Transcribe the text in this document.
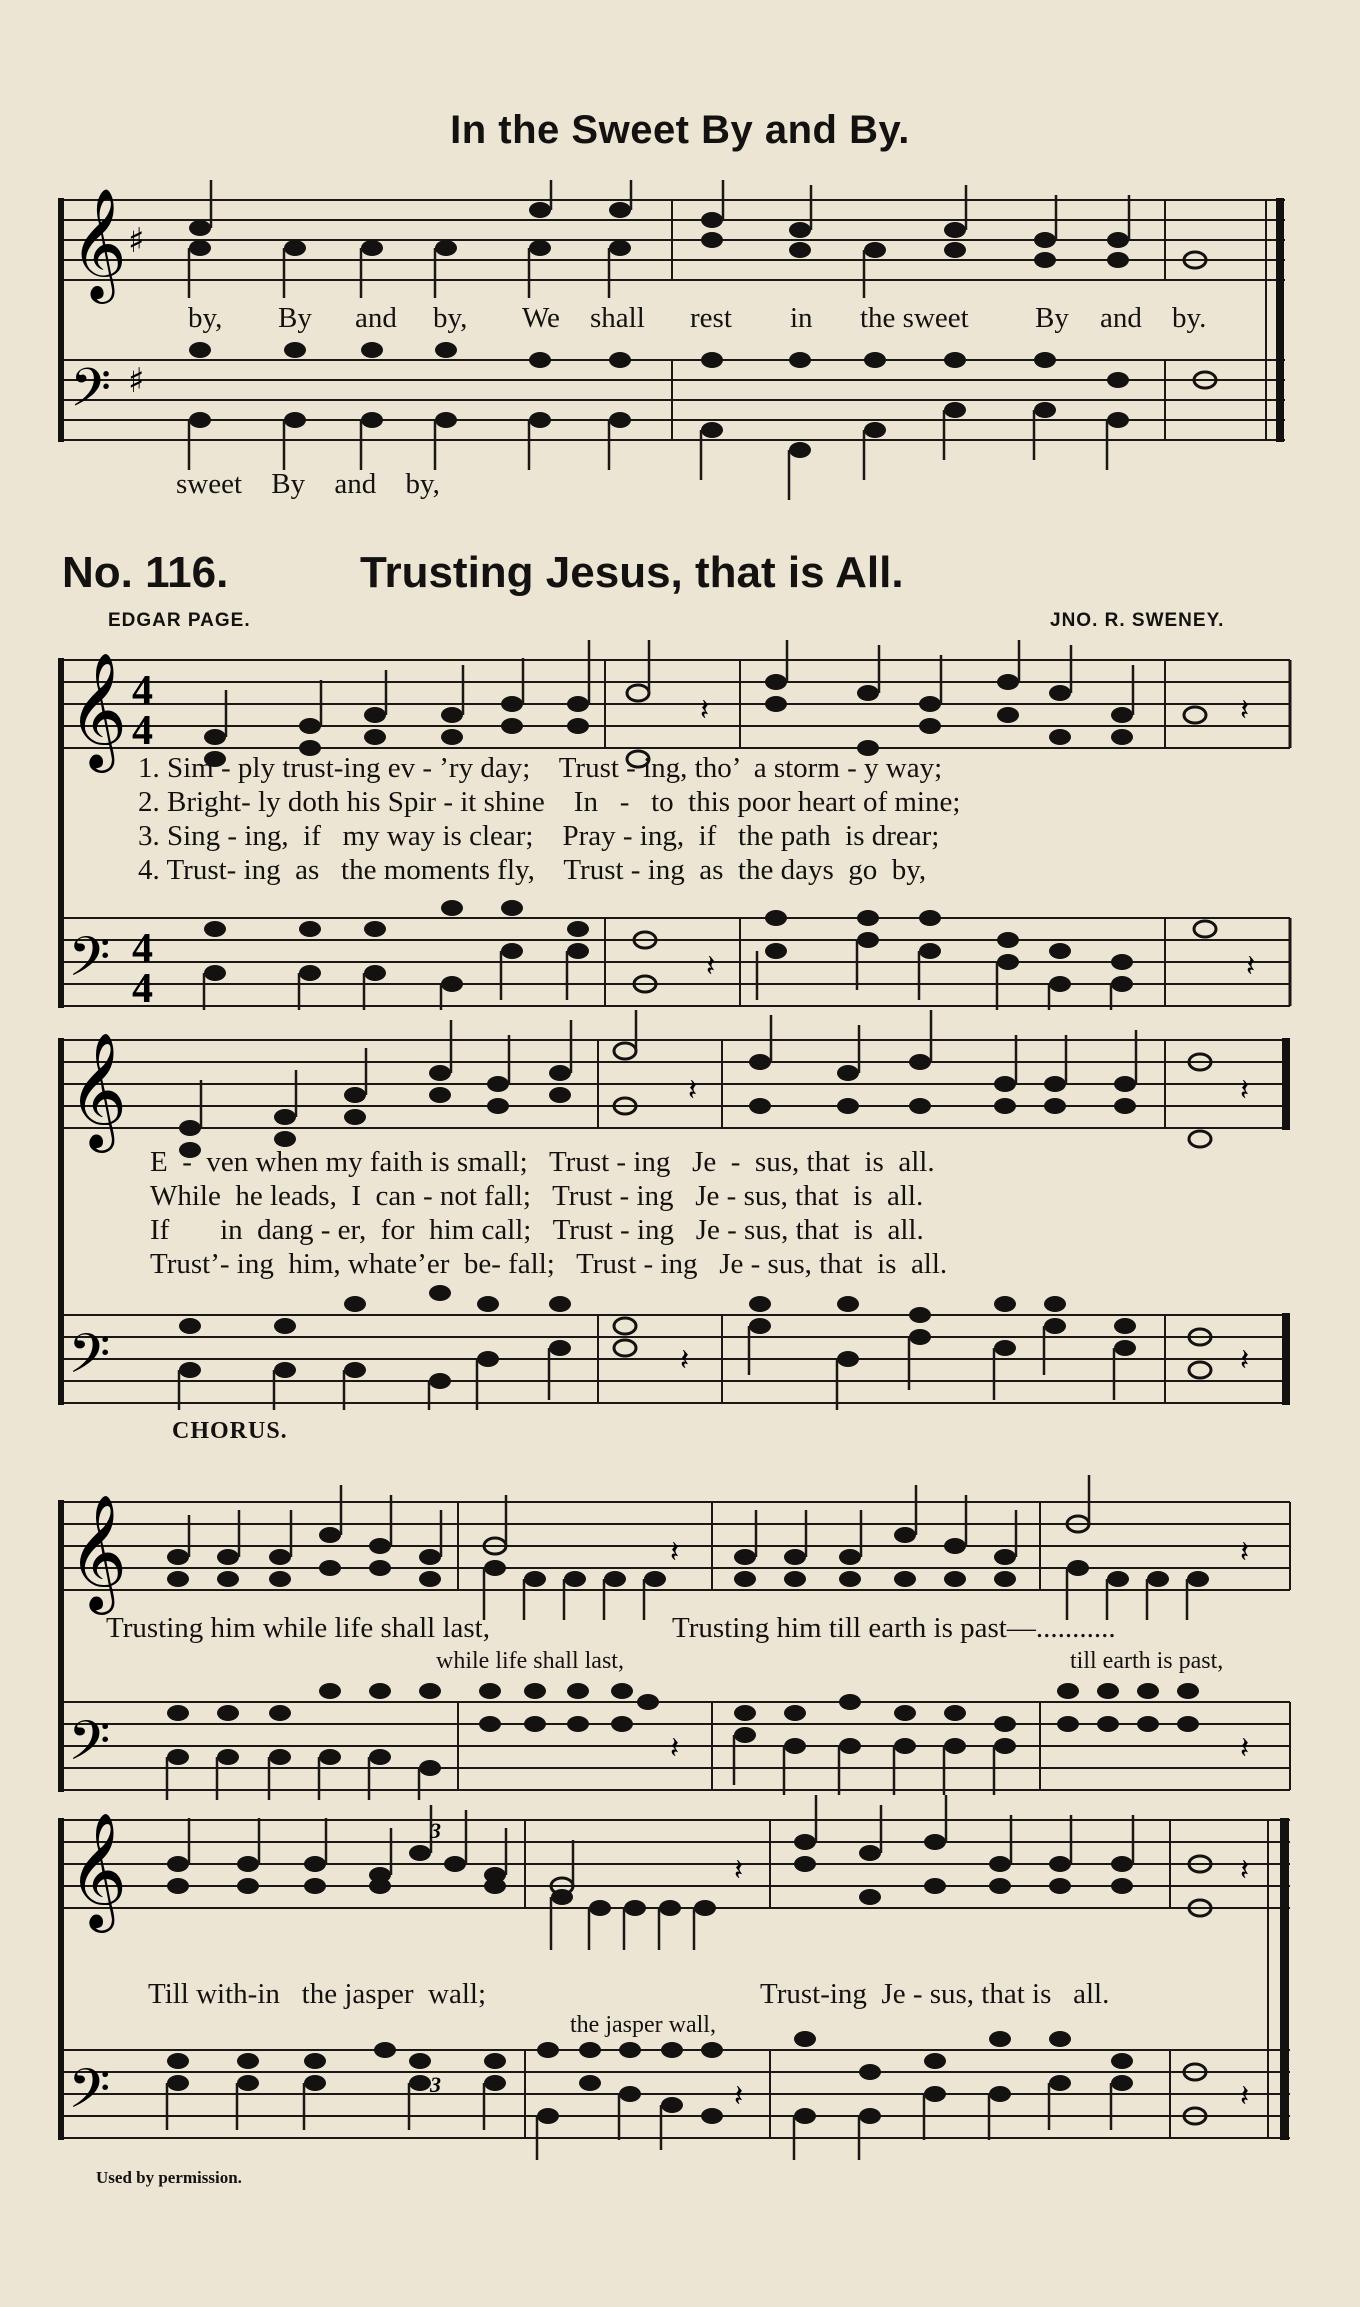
In the Sweet By and By.
𝄞
𝄢
♯
♯
by, By and by, We shall rest in the sweet By and by.
sweet By and by,
No. 116.	Trusting Jesus, that is All.
EDGAR PAGE.	JNO. R. SWENEY.
𝄞
𝄢
4
4
4
4
𝄽	𝄽
𝄽	𝄽
1. Sim - ply trust-ing ev - ’ry day;    Trust - ing, tho’  a storm - y way;
2. Bright- ly doth his Spir - it shine    In   -   to  this poor heart of mine;
3. Sing - ing,  if   my way is clear;    Pray - ing,  if   the path  is drear;
4. Trust- ing  as   the moments fly,    Trust - ing  as  the days  go  by,
𝄞
𝄢
𝄽	𝄽
𝄽	𝄽
E  -  ven when my faith is small;   Trust - ing   Je  -  sus, that  is  all.
While  he leads,  I  can - not fall;   Trust - ing   Je - sus, that  is  all.
If       in  dang - er,  for  him call;   Trust - ing   Je - sus, that  is  all.
Trust’- ing  him, whate’er  be- fall;   Trust - ing   Je - sus, that  is  all.
CHORUS.
𝄞
𝄢
𝄽	𝄽
𝄽	𝄽
Trusting him while life shall last,	Trusting him till earth is past—...........
while life shall last,	till earth is past,
𝄞
𝄢
3
3
𝄽	𝄽
𝄽	𝄽
Till with-in   the jasper  wall;	Trust-ing  Je - sus, that is   all.
the jasper wall,
Used by permission.
